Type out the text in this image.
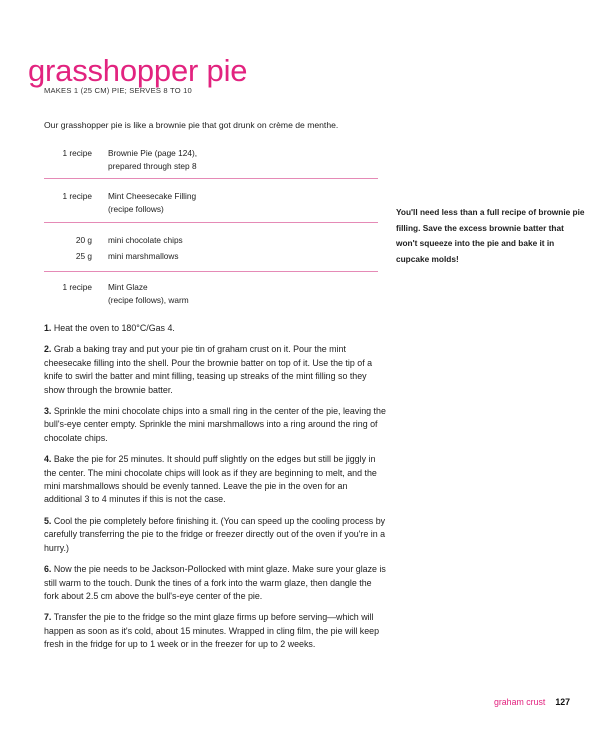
grasshopper pie
MAKES 1 (25 CM) PIE; SERVES 8 TO 10
Our grasshopper pie is like a brownie pie that got drunk on crème de menthe.
1 recipe	Brownie Pie (page 124),
prepared through step 8
1 recipe	Mint Cheesecake Filling
(recipe follows)
20 g	mini chocolate chips
25 g	mini marshmallows
1 recipe	Mint Glaze
(recipe follows), warm
You'll need less than a full recipe of brownie pie filling. Save the excess brownie batter that won't squeeze into the pie and bake it in cupcake molds!

1. Heat the oven to 180°C/Gas 4.

2. Grab a baking tray and put your pie tin of graham crust on it. Pour the mint cheesecake filling into the shell. Pour the brownie batter on top of it. Use the tip of a knife to swirl the batter and mint filling, teasing up streaks of the mint filling so they show through the brownie batter.

3. Sprinkle the mini chocolate chips into a small ring in the center of the pie, leaving the bull's-eye center empty. Sprinkle the mini marshmallows into a ring around the ring of chocolate chips.

4. Bake the pie for 25 minutes. It should puff slightly on the edges but still be jiggly in the center. The mini chocolate chips will look as if they are beginning to melt, and the mini marshmallows should be evenly tanned. Leave the pie in the oven for an additional 3 to 4 minutes if this is not the case.

5. Cool the pie completely before finishing it. (You can speed up the cooling process by carefully transferring the pie to the fridge or freezer directly out of the oven if you're in a hurry.)

6. Now the pie needs to be Jackson-Pollocked with mint glaze. Make sure your glaze is still warm to the touch. Dunk the tines of a fork into the warm glaze, then dangle the fork about 2.5 cm above the bull's-eye center of the pie.

7. Transfer the pie to the fridge so the mint glaze firms up before serving—which will happen as soon as it's cold, about 15 minutes. Wrapped in cling film, the pie will keep fresh in the fridge for up to 1 week or in the freezer for up to 2 weeks.

graham crust 127
